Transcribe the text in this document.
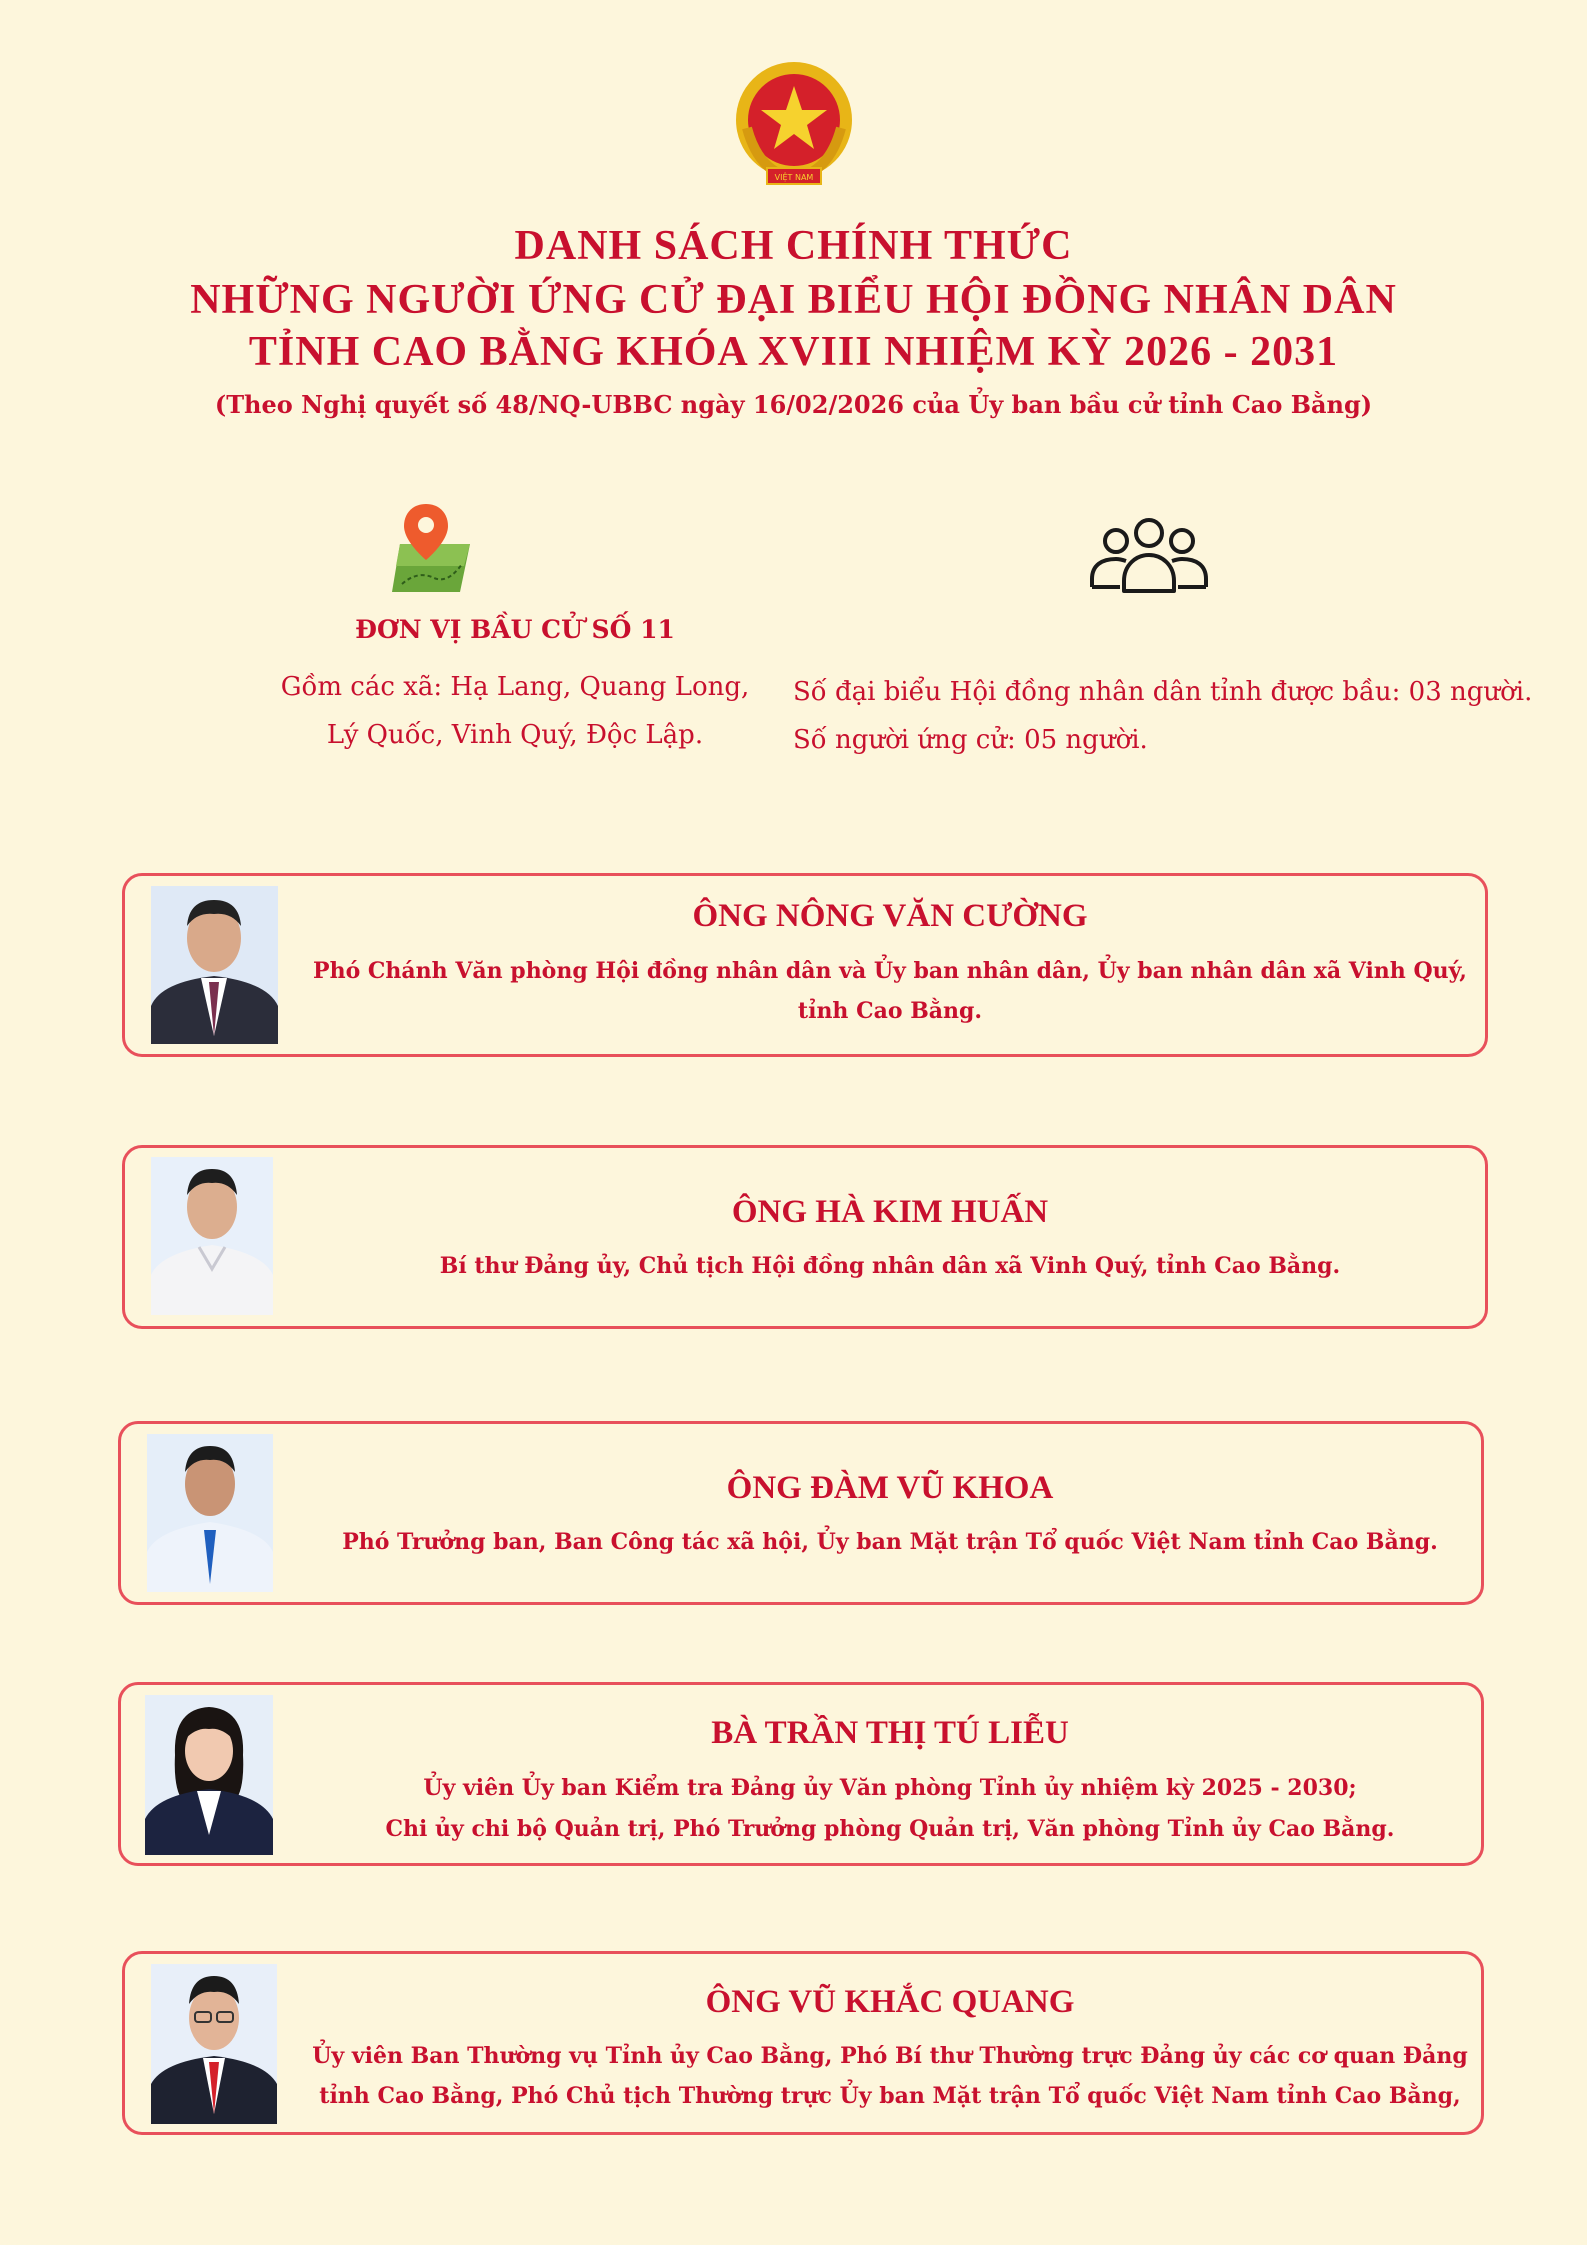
VIỆT NAM
DANH SÁCH CHÍNH THỨC
NHỮNG NGƯỜI ỨNG CỬ ĐẠI BIỂU HỘI ĐỒNG NHÂN DÂN
TỈNH CAO BẰNG KHÓA XVIII NHIỆM KỲ 2026 - 2031
(Theo Nghị quyết số 48/NQ-UBBC ngày 16/02/2026 của Ủy ban bầu cử tỉnh Cao Bằng)
ĐƠN VỊ BẦU CỬ SỐ 11
Gồm các xã: Hạ Lang, Quang Long,
Lý Quốc, Vinh Quý, Độc Lập.
Số đại biểu Hội đồng nhân dân tỉnh được bầu: 03 người.
Số người ứng cử: 05 người.
ÔNG NÔNG VĂN CƯỜNG
Phó Chánh Văn phòng Hội đồng nhân dân và Ủy ban nhân dân, Ủy ban nhân dân xã Vinh Quý,
tỉnh Cao Bằng.
ÔNG HÀ KIM HUẤN
Bí thư Đảng ủy, Chủ tịch Hội đồng nhân dân xã Vinh Quý, tỉnh Cao Bằng.
ÔNG ĐÀM VŨ KHOA
Phó Trưởng ban, Ban Công tác xã hội, Ủy ban Mặt trận Tổ quốc Việt Nam tỉnh Cao Bằng.
BÀ TRẦN THỊ TÚ LIỄU
Ủy viên Ủy ban Kiểm tra Đảng ủy Văn phòng Tỉnh ủy nhiệm kỳ 2025 - 2030;
Chi ủy chi bộ Quản trị, Phó Trưởng phòng Quản trị, Văn phòng Tỉnh ủy Cao Bằng.
ÔNG VŨ KHẮC QUANG
Ủy viên Ban Thường vụ Tỉnh ủy Cao Bằng, Phó Bí thư Thường trực Đảng ủy các cơ quan Đảng
tỉnh Cao Bằng, Phó Chủ tịch Thường trực Ủy ban Mặt trận Tổ quốc Việt Nam tỉnh Cao Bằng,
